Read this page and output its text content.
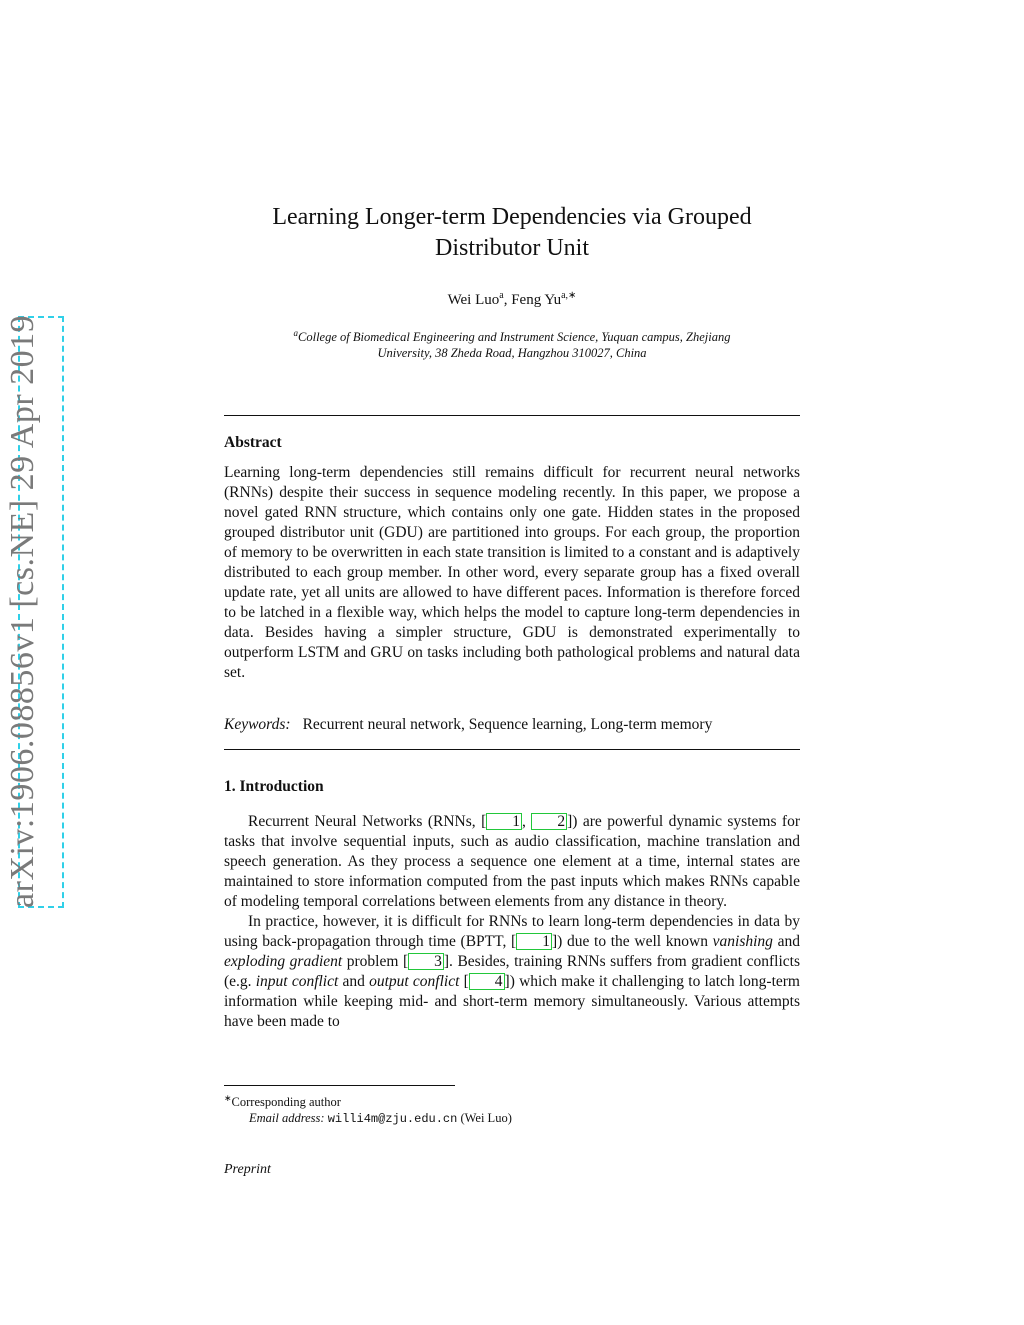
arXiv:1906.08856v1 [cs.NE] 29 Apr 2019
Learning Longer-term Dependencies via Grouped
Distributor Unit
Wei Luo$^a$, Feng $Yu^{a,∗}$
$^a$College of Biomedical Engineering and Instrument Science, Yuquan campus, Zhejiang
University, 38 Zheda Road, Hangzhou 310027, China
Abstract

Learning long-term dependencies still remains difficult for recurrent neural networks (RNNs) despite their success in sequence modeling recently. In this paper, we propose a novel gated RNN structure, which contains only one gate. Hidden states in the proposed grouped distributor unit (GDU) are partitioned into groups. For each group, the proportion of memory to be overwritten in each state transition is limited to a constant and is adaptively distributed to each group member. In other word, every separate group has a fixed overall update rate, yet all units are allowed to have different paces. Information is therefore forced to be latched in a flexible way, which helps the model to capture long-term dependencies in data. Besides having a simpler structure, GDU is demonstrated experimentally to outperform LSTM and GRU on tasks including both pathological problems and natural data set.

Keywords: Recurrent neural network, Sequence learning, Long-term memory
1. Introduction

Recurrent Neural Networks (RNNs, [ 1 , 2 ]) are powerful dynamic systems for tasks that involve sequential inputs, such as audio classification, machine translation and speech generation. As they process a sequence one element at a time, internal states are maintained to store information computed from the past inputs which makes RNNs capable of modeling temporal correlations between elements from any distance in theory.

In practice, however, it is difficult for RNNs to learn long-term dependencies in data by using back-propagation through time (BPTT, [ 1 ]) due to the well known vanishing and exploding gradient problem [ 3 ]. Besides, training RNNs suffers from gradient conflicts (e.g. input conflict and output conflict [ 4 ]) which make it challenging to latch long-term information while keeping mid- and short-term memory simultaneously. Various attempts have been made to

∗Corresponding author
Email address: willi4m@zju.edu.cn (Wei Luo)
Preprint
